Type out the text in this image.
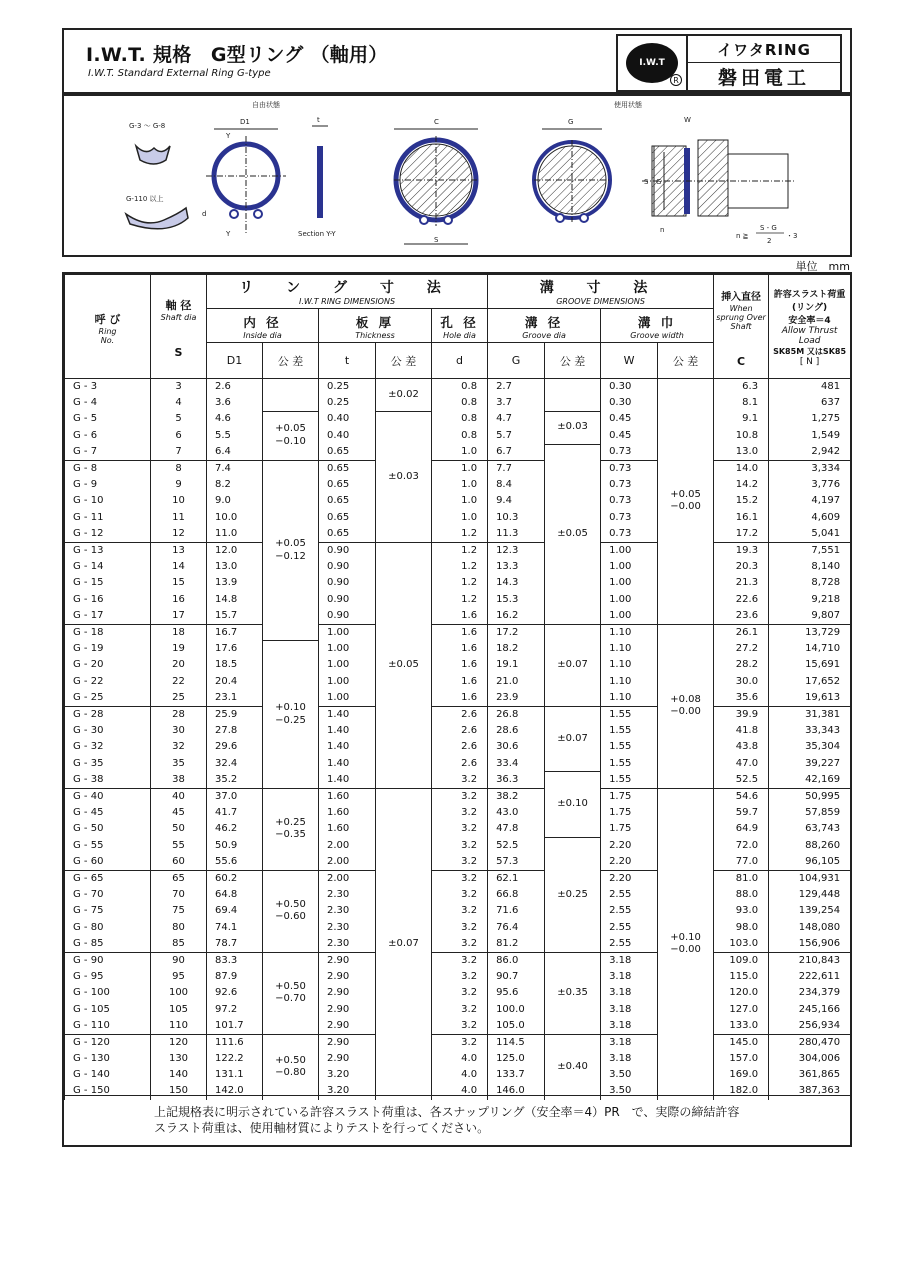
I.W.T. 規格　G型リング （軸用）
I.W.T. Standard External Ring G-type
I.W.T
R
イワタRING
磐田電工
自由状態	使用状態
G-3 ～ G-8
G-110 以上
D1
Y
Y
d
t
Section Y-Y
C
S
G
S G
W
n
n ≧
S - G
2
・3
単位　mm
呼 び
Ring
No.	軸 径
Shaft dia

S	リ ン グ 寸 法
I.W.T RING DIMENSIONS					溝 寸 法
GROOVE DIMENSIONS				挿入直径
When sprung Over Shaft

C	許容スラスト荷重(リング)
安全率＝4
Allow Thrust Load
SK85M 又はSK85
[ N ]

		内 径
Inside dia		板 厚
Thickness		孔 径
Hole dia	溝 径
Groove dia		溝 巾
Groove width			

		D1	公 差	t	公 差	d	G	公 差	W	公 差		
G - 3	3	2.6		0.25	±0.02	0.8	2.7		0.30	+0.05
−0.00	6.3	481
G - 4	4	3.6		0.25		0.8	3.7		0.30		8.1	637
G - 5	5	4.6	+0.05
−0.10	0.40	±0.03	0.8	4.7	±0.03	0.45		9.1	1,275
G - 6	6	5.5		0.40		0.8	5.7		0.45		10.8	1,549
G - 7	7	6.4		0.65		1.0	6.7	±0.05	0.73		13.0	2,942
G - 8	8	7.4	+0.05
−0.12	0.65		1.0	7.7		0.73		14.0	3,334
G - 9	9	8.2		0.65		1.0	8.4		0.73		14.2	3,776
G - 10	10	9.0		0.65		1.0	9.4		0.73		15.2	4,197
G - 11	11	10.0		0.65		1.0	10.3		0.73		16.1	4,609
G - 12	12	11.0		0.65		1.2	11.3		0.73		17.2	5,041
G - 13	13	12.0		0.90	±0.05	1.2	12.3		1.00		19.3	7,551
G - 14	14	13.0		0.90		1.2	13.3		1.00		20.3	8,140
G - 15	15	13.9		0.90		1.2	14.3		1.00		21.3	8,728
G - 16	16	14.8		0.90		1.2	15.3		1.00		22.6	9,218
G - 17	17	15.7		0.90		1.6	16.2		1.00		23.6	9,807
G - 18	18	16.7		1.00		1.6	17.2	±0.07	1.10	+0.08
−0.00	26.1	13,729
G - 19	19	17.6	+0.10
−0.25	1.00		1.6	18.2		1.10		27.2	14,710
G - 20	20	18.5		1.00		1.6	19.1		1.10		28.2	15,691
G - 22	22	20.4		1.00		1.6	21.0		1.10		30.0	17,652
G - 25	25	23.1		1.00		1.6	23.9		1.10		35.6	19,613
G - 28	28	25.9		1.40		2.6	26.8	±0.07	1.55		39.9	31,381
G - 30	30	27.8		1.40		2.6	28.6		1.55		41.8	33,343
G - 32	32	29.6		1.40		2.6	30.6		1.55		43.8	35,304
G - 35	35	32.4		1.40		2.6	33.4		1.55		47.0	39,227
G - 38	38	35.2		1.40		3.2	36.3	±0.10	1.55		52.5	42,169
G - 40	40	37.0	+0.25
−0.35	1.60	±0.07	3.2	38.2		1.75	+0.10
−0.00	54.6	50,995
G - 45	45	41.7		1.60		3.2	43.0		1.75		59.7	57,859
G - 50	50	46.2		1.60		3.2	47.8		1.75		64.9	63,743
G - 55	55	50.9		2.00		3.2	52.5	±0.25	2.20		72.0	88,260
G - 60	60	55.6		2.00		3.2	57.3		2.20		77.0	96,105
G - 65	65	60.2	+0.50
−0.60	2.00		3.2	62.1		2.20		81.0	104,931
G - 70	70	64.8		2.30		3.2	66.8		2.55		88.0	129,448
G - 75	75	69.4		2.30		3.2	71.6		2.55		93.0	139,254
G - 80	80	74.1		2.30		3.2	76.4		2.55		98.0	148,080
G - 85	85	78.7		2.30		3.2	81.2		2.55		103.0	156,906
G - 90	90	83.3	+0.50
−0.70	2.90		3.2	86.0	±0.35	3.18		109.0	210,843
G - 95	95	87.9		2.90		3.2	90.7		3.18		115.0	222,611
G - 100	100	92.6		2.90		3.2	95.6		3.18		120.0	234,379
G - 105	105	97.2		2.90		3.2	100.0		3.18		127.0	245,166
G - 110	110	101.7		2.90		3.2	105.0		3.18		133.0	256,934
G - 120	120	111.6	+0.50
−0.80	2.90		3.2	114.5	±0.40	3.18		145.0	280,470
G - 130	130	122.2		2.90		4.0	125.0		3.18		157.0	304,006
G - 140	140	131.1		3.20		4.0	133.7		3.50		169.0	361,865
G - 150	150	142.0		3.20		4.0	146.0		3.50		182.0	387,363
上記規格表に明示されている許容スラスト荷重は、各スナップリング（安全率＝4）PR　で、実際の締結許容
スラスト荷重は、使用軸材質によりテストを行ってください。
